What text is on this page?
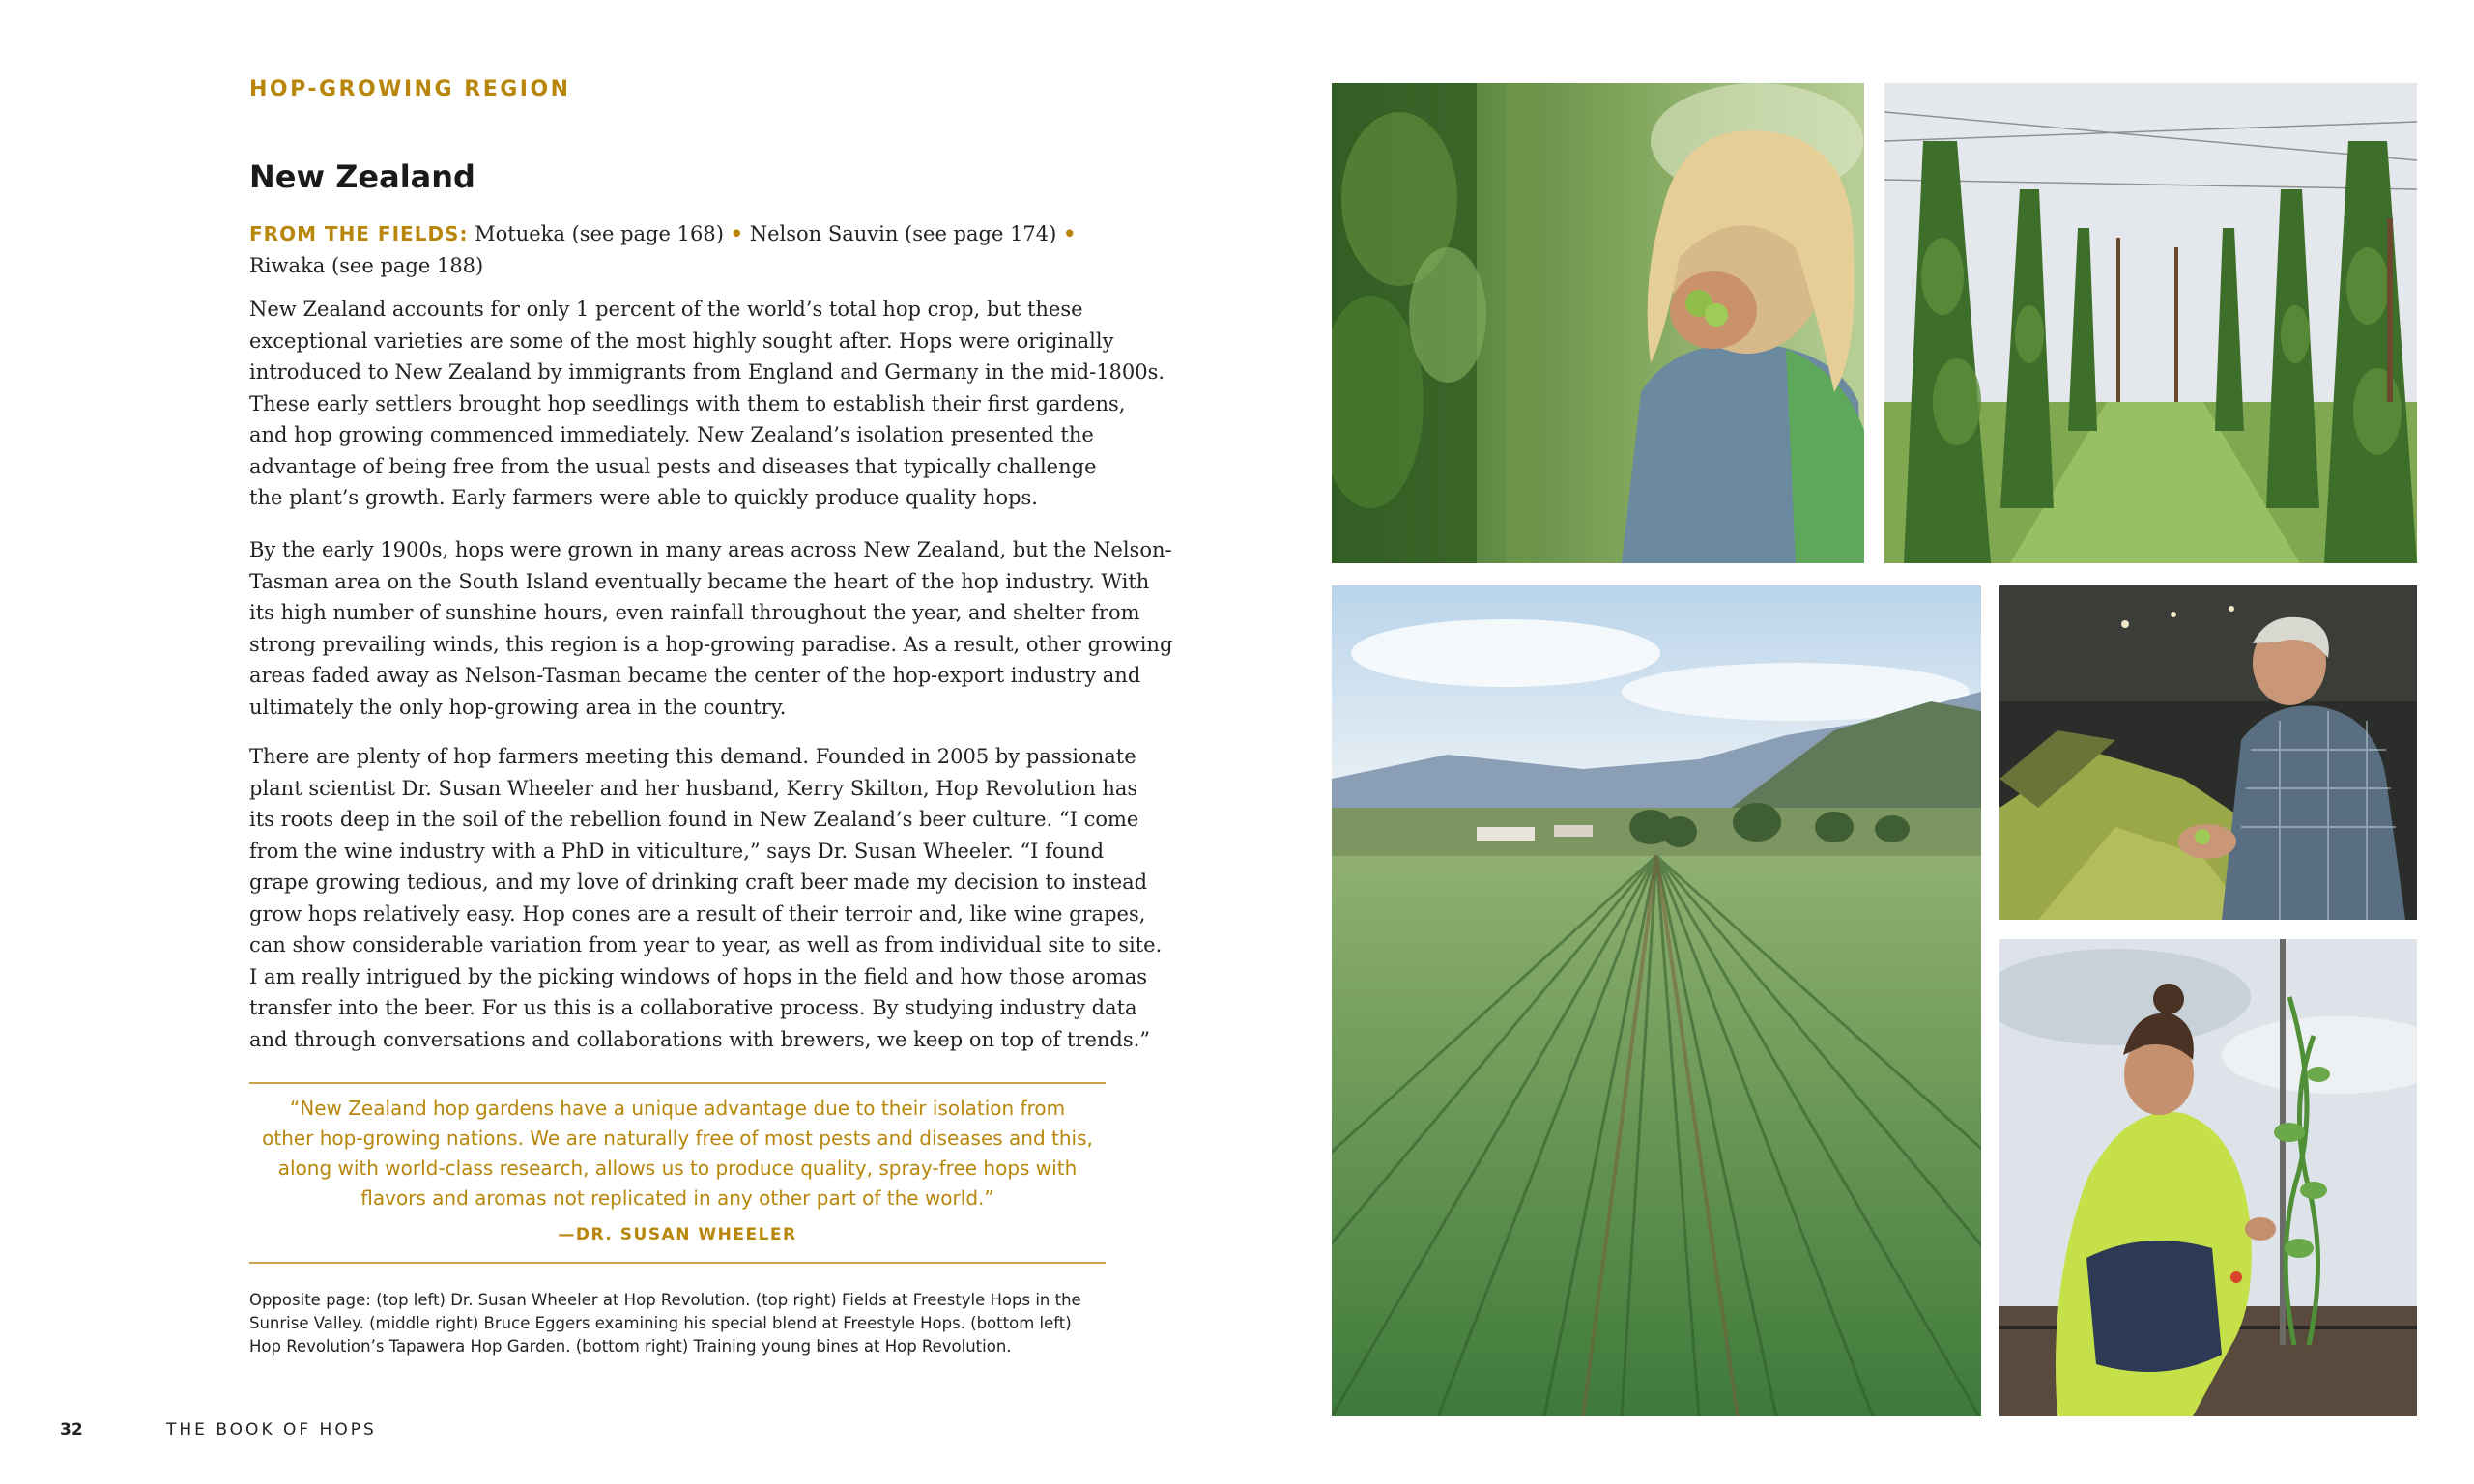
HOP-GROWING REGION
New Zealand
FROM THE FIELDS: Motueka (see page 168) • Nelson Sauvin (see page 174) •
Riwaka (see page 188)
New Zealand accounts for only 1 percent of the world’s total hop crop, but these
exceptional varieties are some of the most highly sought after. Hops were originally
introduced to New Zealand by immigrants from England and Germany in the mid-1800s.
These early settlers brought hop seedlings with them to establish their first gardens,
and hop growing commenced immediately. New Zealand’s isolation presented the
advantage of being free from the usual pests and diseases that typically challenge
the plant’s growth. Early farmers were able to quickly produce quality hops.
By the early 1900s, hops were grown in many areas across New Zealand, but the Nelson-
Tasman area on the South Island eventually became the heart of the hop industry. With
its high number of sunshine hours, even rainfall throughout the year, and shelter from
strong prevailing winds, this region is a hop-growing paradise. As a result, other growing
areas faded away as Nelson-Tasman became the center of the hop-export industry and
ultimately the only hop-growing area in the country.
There are plenty of hop farmers meeting this demand. Founded in 2005 by passionate
plant scientist Dr. Susan Wheeler and her husband, Kerry Skilton, Hop Revolution has
its roots deep in the soil of the rebellion found in New Zealand’s beer culture. “I come
from the wine industry with a PhD in viticulture,” says Dr. Susan Wheeler. “I found
grape growing tedious, and my love of drinking craft beer made my decision to instead
grow hops relatively easy. Hop cones are a result of their terroir and, like wine grapes,
can show considerable variation from year to year, as well as from individual site to site.
I am really intrigued by the picking windows of hops in the field and how those aromas
transfer into the beer. For us this is a collaborative process. By studying industry data
and through conversations and collaborations with brewers, we keep on top of trends.”
“New Zealand hop gardens have a unique advantage due to their isolation from
other hop-growing nations. We are naturally free of most pests and diseases and this,
along with world-class research, allows us to produce quality, spray-free hops with
flavors and aromas not replicated in any other part of the world.”
—DR. SUSAN WHEELER
Opposite page: (top left) Dr. Susan Wheeler at Hop Revolution. (top right) Fields at Freestyle Hops in the
Sunrise Valley. (middle right) Bruce Eggers examining his special blend at Freestyle Hops. (bottom left)
Hop Revolution’s Tapawera Hop Garden. (bottom right) Training young bines at Hop Revolution.
32	THE BOOK OF HOPS
